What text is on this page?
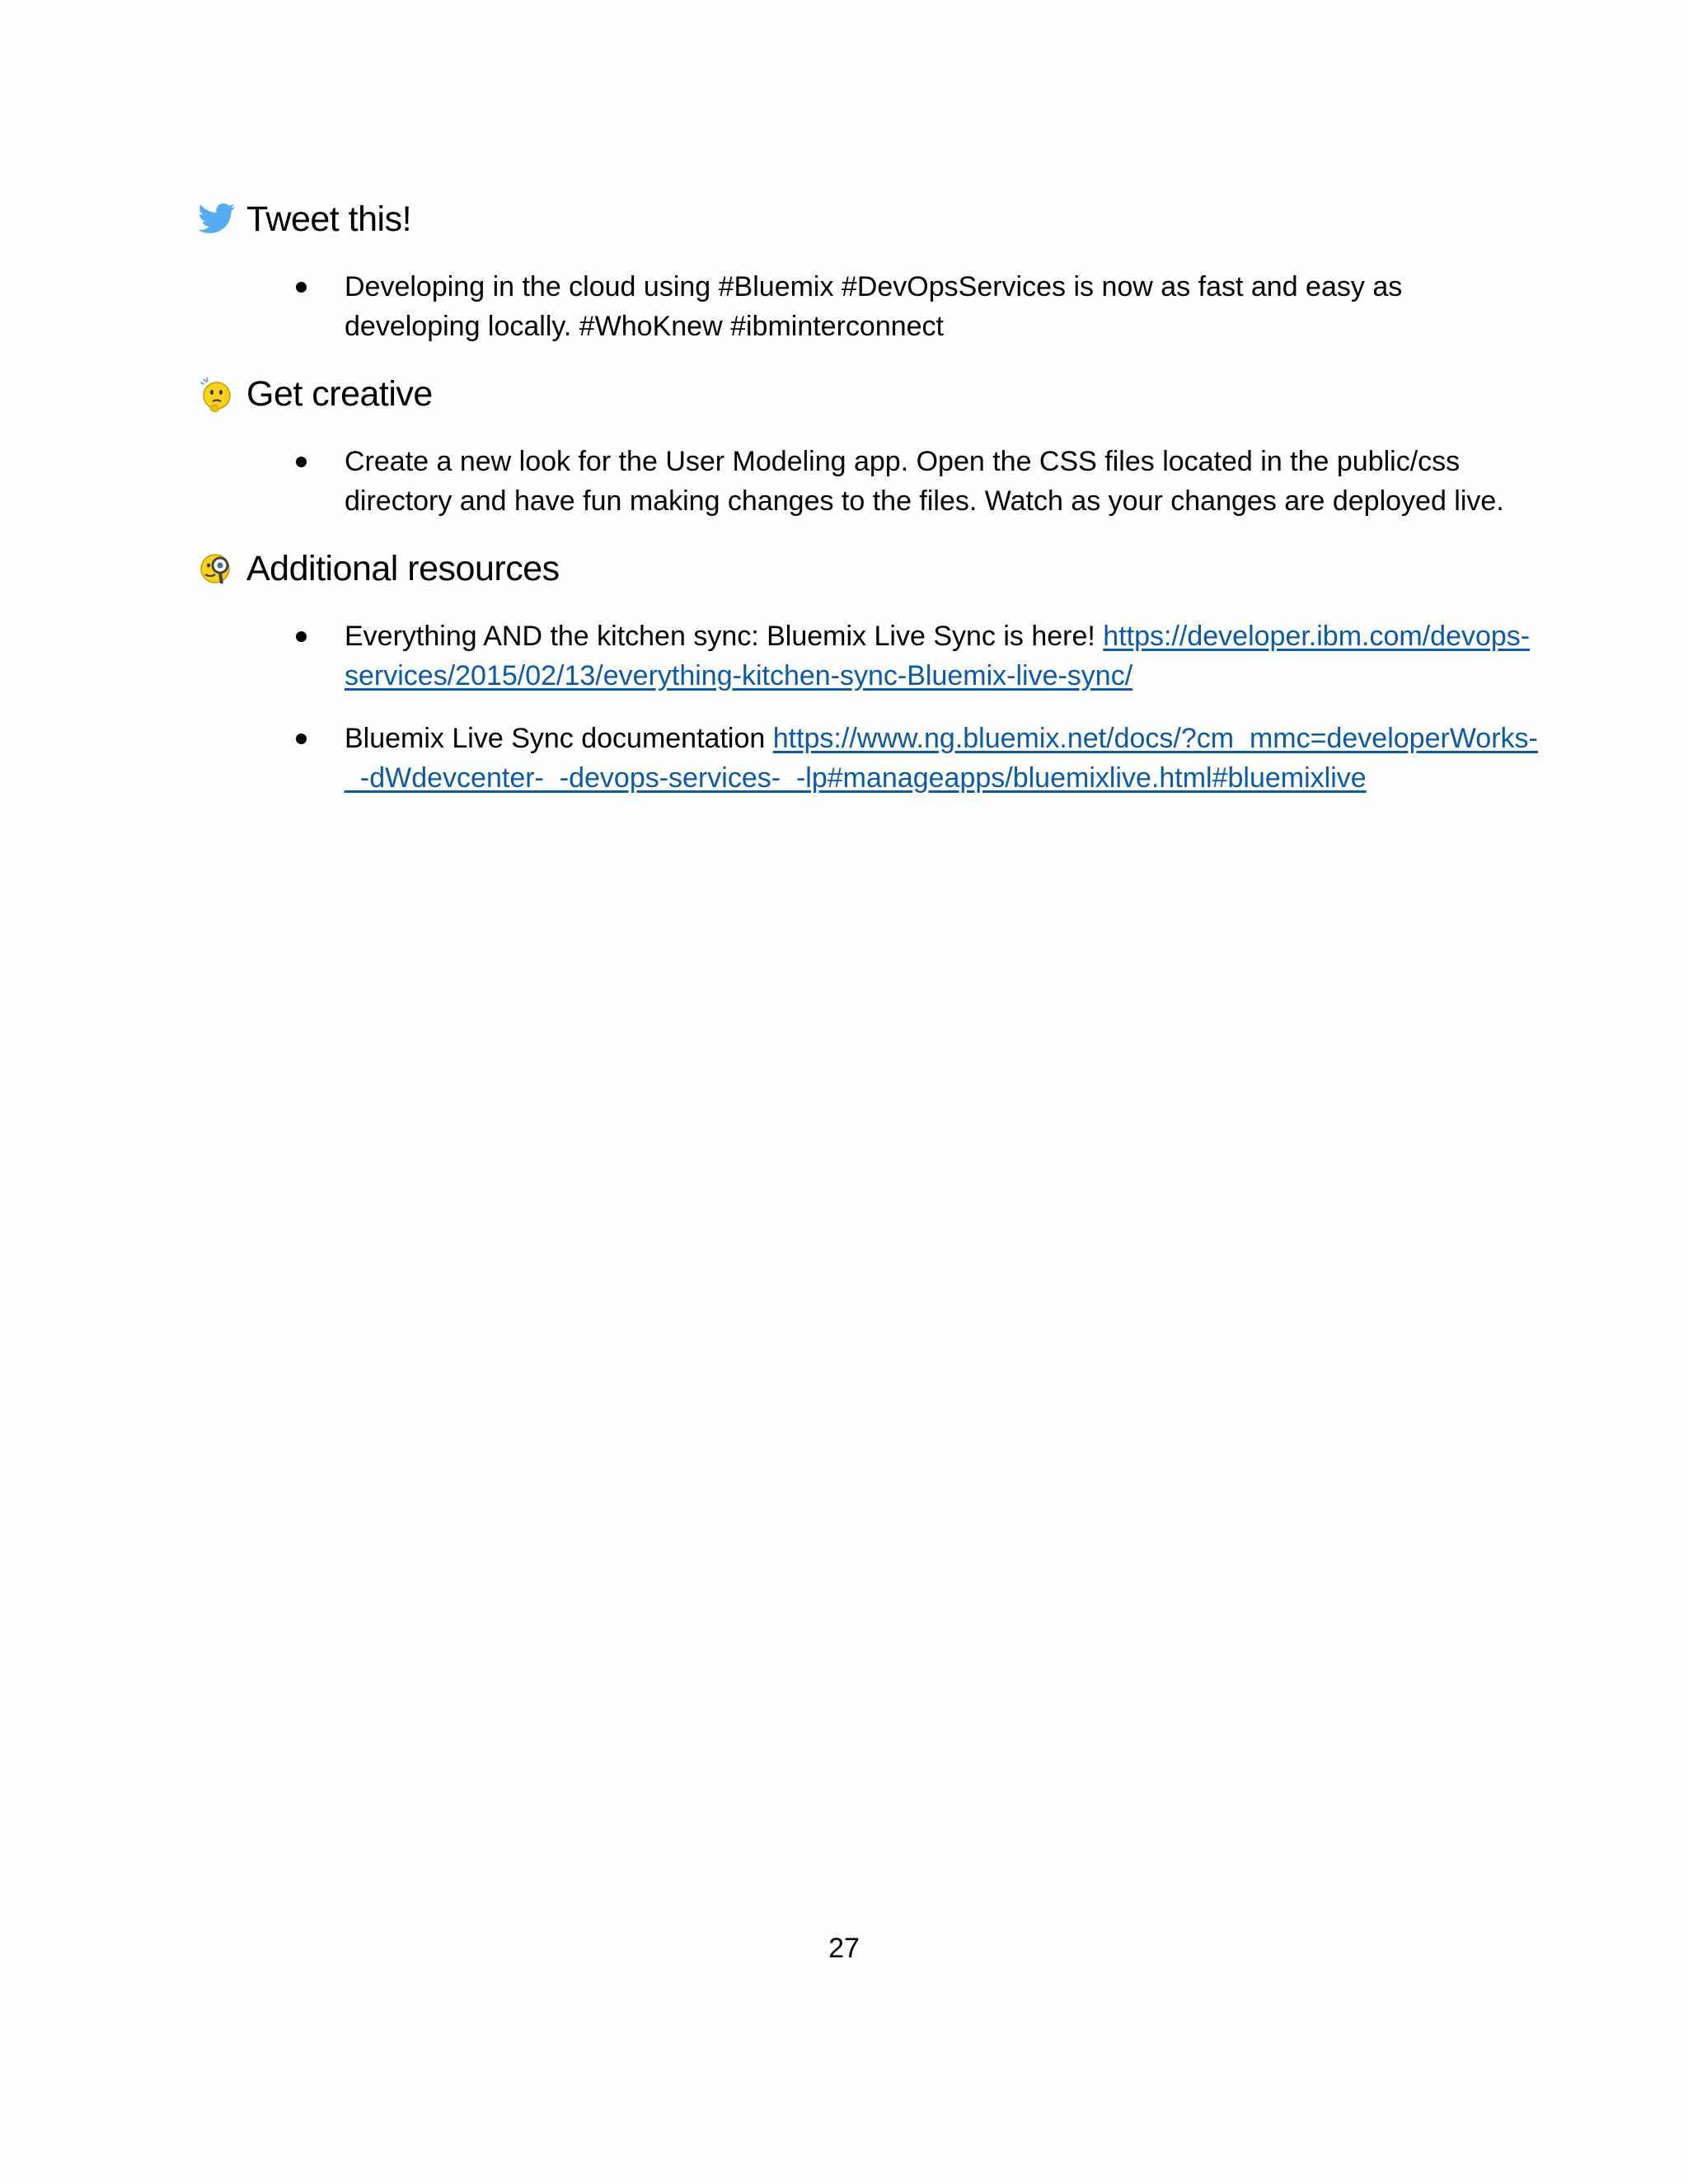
Tweet this!
Developing in the cloud using #Bluemix #DevOpsServices is now as fast and easy as developing locally. #WhoKnew #ibminterconnect
Get creative
Create a new look for the User Modeling app. Open the CSS files located in the public/css directory and have fun making changes to the files. Watch as your changes are deployed live.
Additional resources
Everything AND the kitchen sync: Bluemix Live Sync is here! https://developer.ibm.com/devops-services/2015/02/13/everything-kitchen-sync-Bluemix-live-sync/
Bluemix Live Sync documentation https://www.ng.bluemix.net/docs/?cm_mmc=developerWorks-_-dWdevcenter-_-devops-services-_-lp#manageapps/bluemixlive.html#bluemixlive
27
